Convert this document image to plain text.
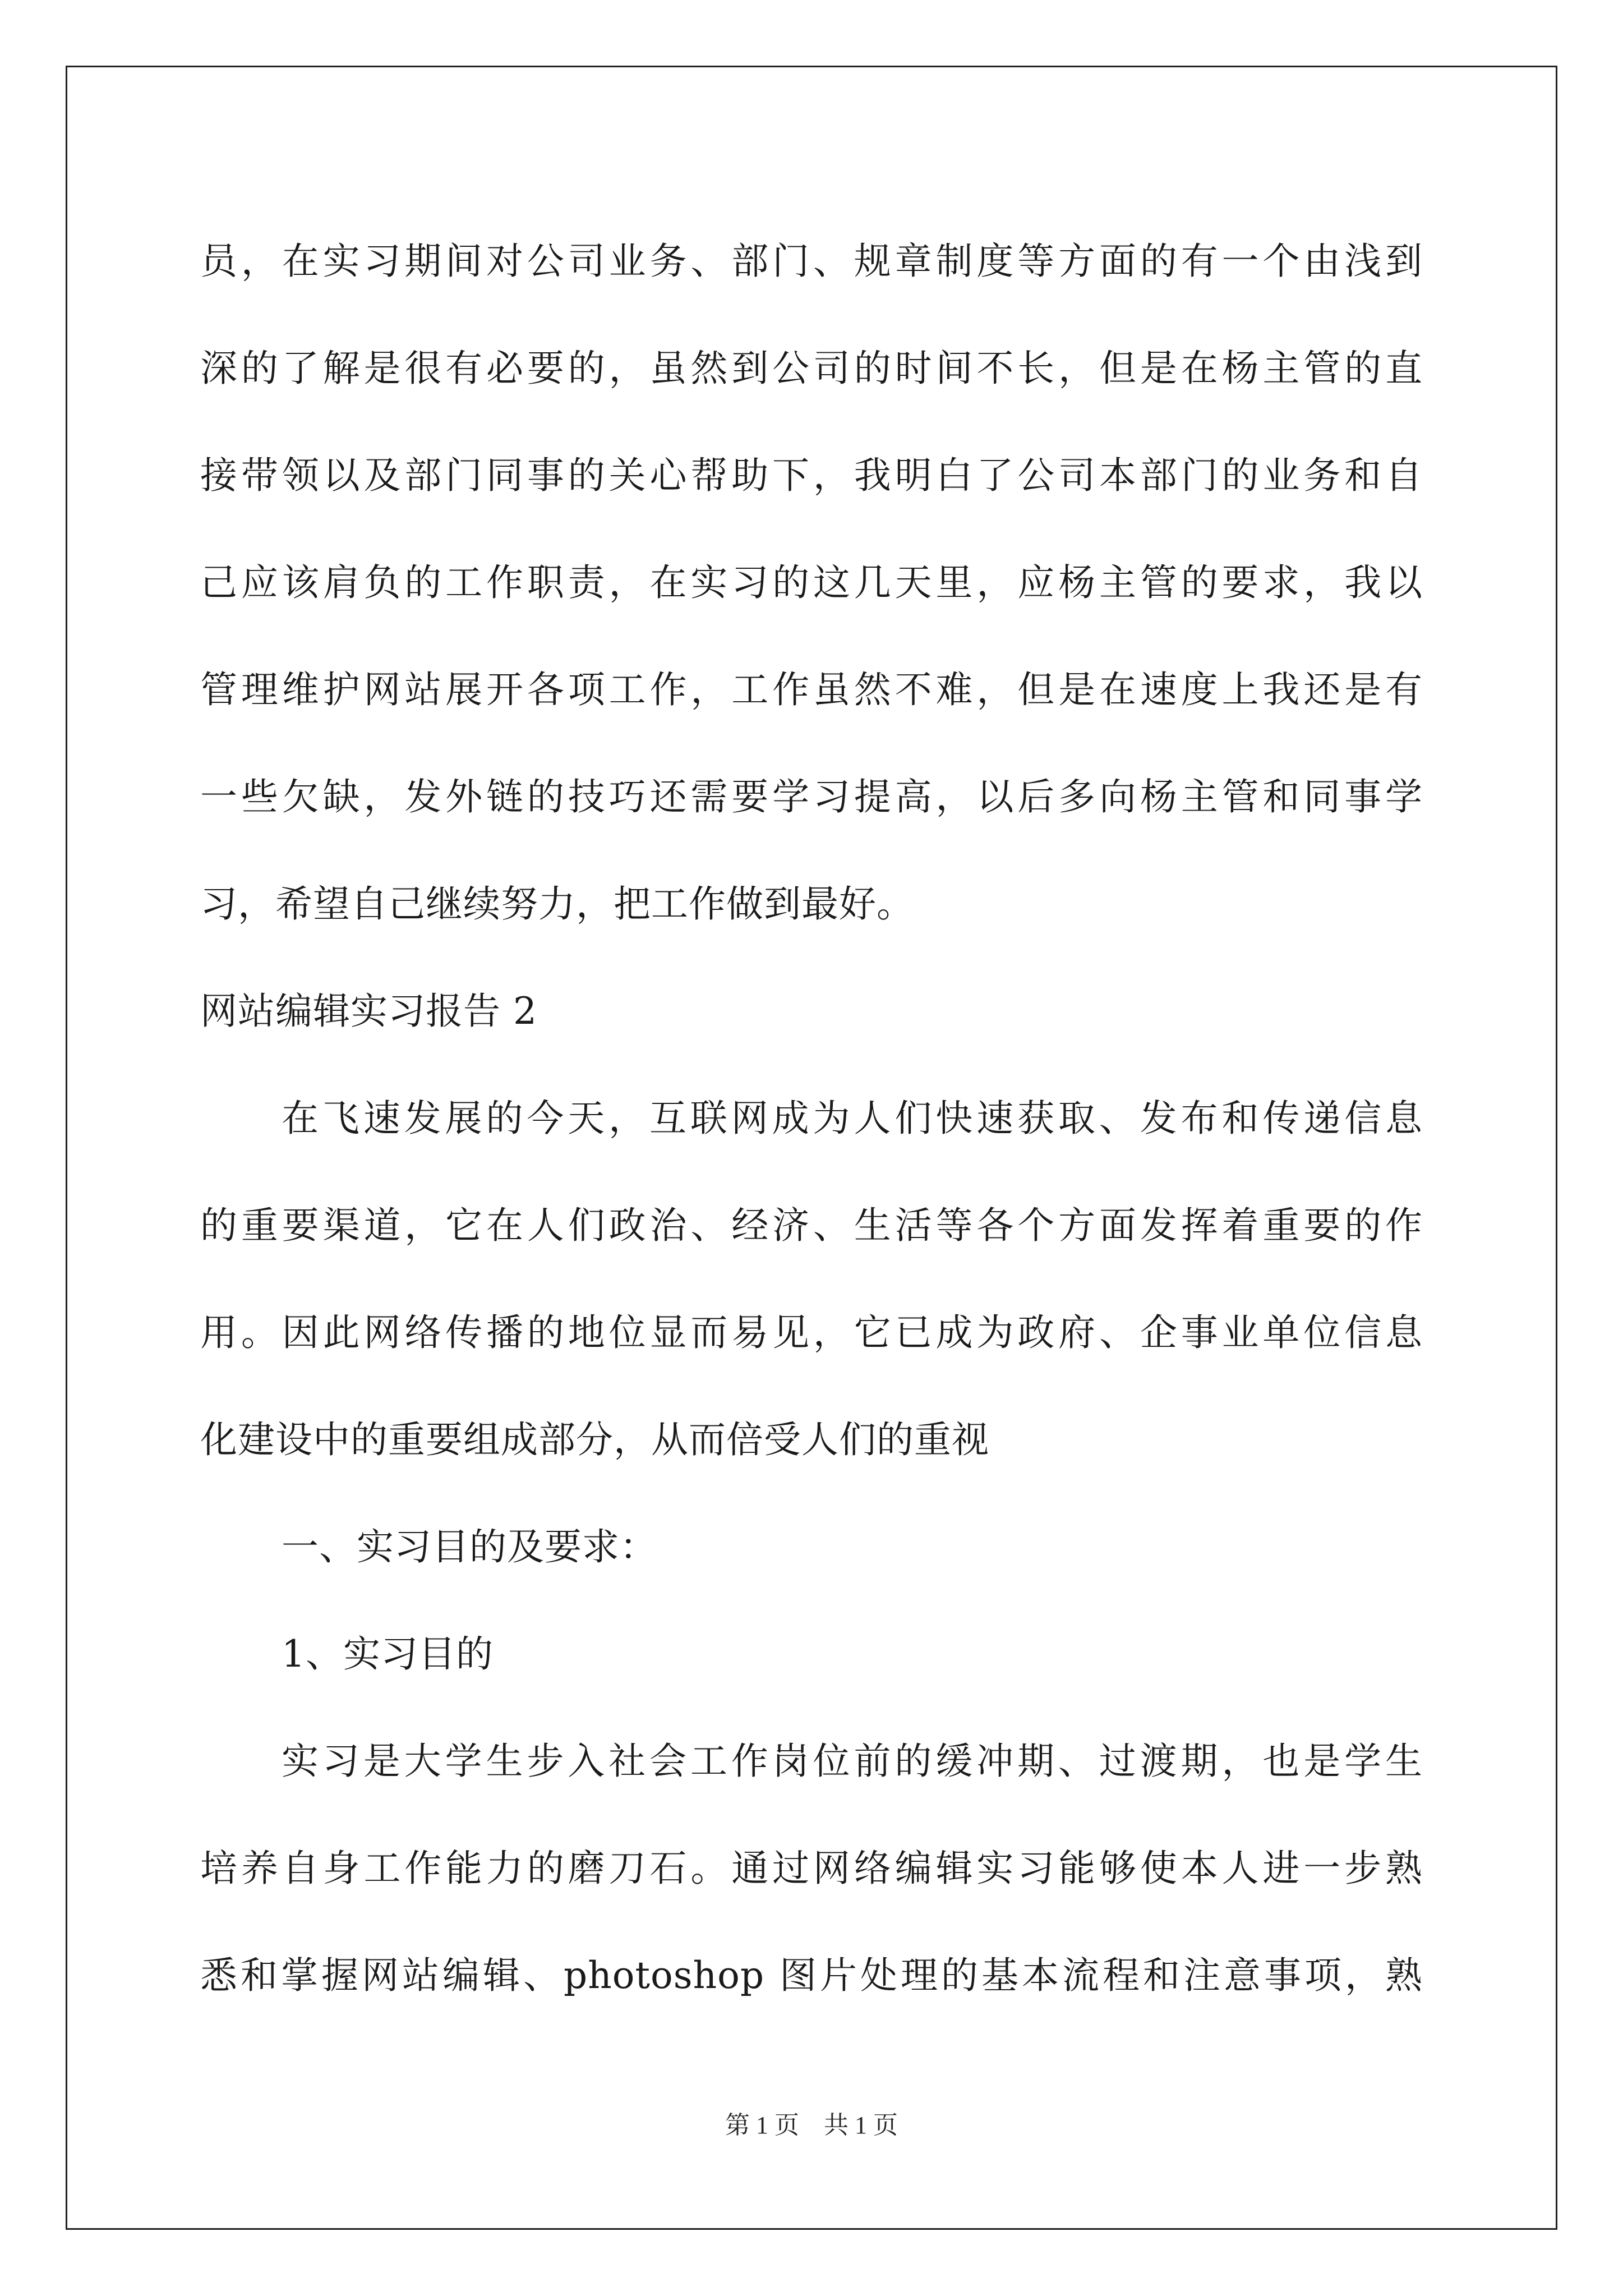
员，在实习期间对公司业务、部门、规章制度等方面的有一个由浅到
深的了解是很有必要的，虽然到公司的时间不长，但是在杨主管的直
接带领以及部门同事的关心帮助下，我明白了公司本部门的业务和自
己应该肩负的工作职责，在实习的这几天里，应杨主管的要求，我以
管理维护网站展开各项工作，工作虽然不难，但是在速度上我还是有
一些欠缺，发外链的技巧还需要学习提高，以后多向杨主管和同事学
习，希望自己继续努力，把工作做到最好。
网站编辑实习报告 2
在飞速发展的今天，互联网成为人们快速获取、发布和传递信息
的重要渠道，它在人们政治、经济、生活等各个方面发挥着重要的作
用。因此网络传播的地位显而易见，它已成为政府、企事业单位信息
化建设中的重要组成部分，从而倍受人们的重视
一、实习目的及要求：
1、实习目的
实习是大学生步入社会工作岗位前的缓冲期、过渡期，也是学生
培养自身工作能力的磨刀石。通过网络编辑实习能够使本人进一步熟
悉和掌握网站编辑、photoshop 图片处理的基本流程和注意事项，熟
第 1 页　共 1 页
